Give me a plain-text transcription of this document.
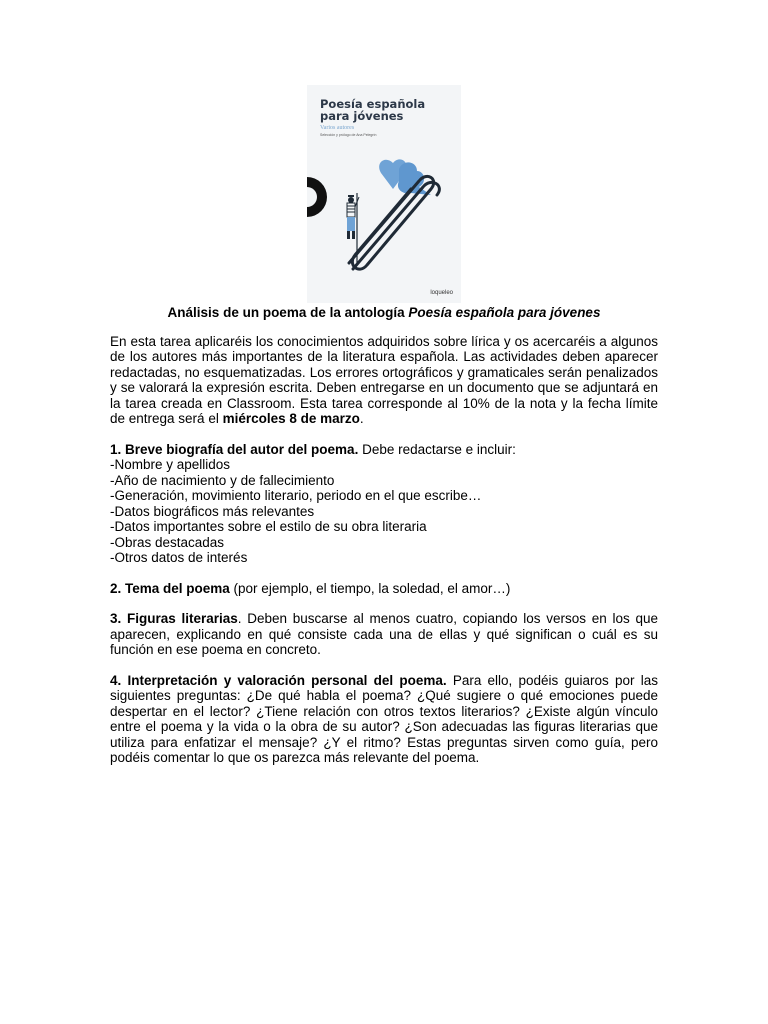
Poesía española
para jóvenes
Varios autores
Selección y prólogo de Ana Pelegrín
loqueleo
Análisis de un poema de la antología Poesía española para jóvenes

En esta tarea aplicaréis los conocimientos adquiridos sobre lírica y os acercaréis a algunos de los autores más importantes de la literatura española. Las actividades deben aparecer redactadas, no esquematizadas. Los errores ortográficos y gramaticales serán penalizados y se valorará la expresión escrita. Deben entregarse en un documento que se adjuntará en la tarea creada en Classroom. Esta tarea corresponde al 10% de la nota y la fecha límite de entrega será el miércoles 8 de marzo.

1. Breve biografía del autor del poema. Debe redactarse e incluir:
-Nombre y apellidos
-Año de nacimiento y de fallecimiento
-Generación, movimiento literario, periodo en el que escribe…
-Datos biográficos más relevantes
-Datos importantes sobre el estilo de su obra literaria
-Obras destacadas
-Otros datos de interés

2. Tema del poema (por ejemplo, el tiempo, la soledad, el amor…)

3. Figuras literarias. Deben buscarse al menos cuatro, copiando los versos en los que aparecen, explicando en qué consiste cada una de ellas y qué significan o cuál es su función en ese poema en concreto.

4. Interpretación y valoración personal del poema. Para ello, podéis guiaros por las siguientes preguntas: ¿De qué habla el poema? ¿Qué sugiere o qué emociones puede despertar en el lector? ¿Tiene relación con otros textos literarios? ¿Existe algún vínculo entre el poema y la vida o la obra de su autor? ¿Son adecuadas las figuras literarias que utiliza para enfatizar el mensaje? ¿Y el ritmo? Estas preguntas sirven como guía, pero podéis comentar lo que os parezca más relevante del poema.
